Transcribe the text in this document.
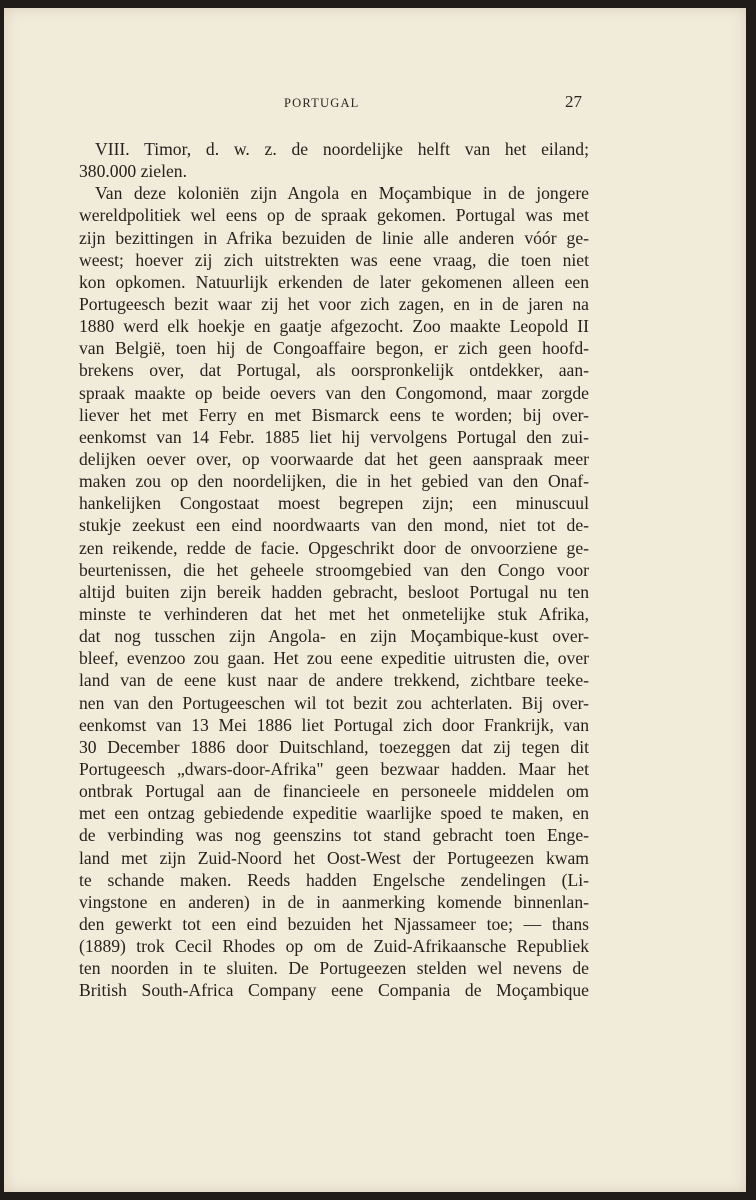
PORTUGAL	27
VIII. Timor, d. w. z. de noordelijke helft van het eiland;
380.000 zielen.
Van deze koloniën zijn Angola en Moçambique in de jongere
wereldpolitiek wel eens op de spraak gekomen. Portugal was met
zijn bezittingen in Afrika bezuiden de linie alle anderen vóór ge-
weest; hoever zij zich uitstrekten was eene vraag, die toen niet
kon opkomen. Natuurlijk erkenden de later gekomenen alleen een
Portugeesch bezit waar zij het voor zich zagen, en in de jaren na
1880 werd elk hoekje en gaatje afgezocht. Zoo maakte Leopold II
van België, toen hij de Congoaffaire begon, er zich geen hoofd-
brekens over, dat Portugal, als oorspronkelijk ontdekker, aan-
spraak maakte op beide oevers van den Congomond, maar zorgde
liever het met Ferry en met Bismarck eens te worden; bij over-
eenkomst van 14 Febr. 1885 liet hij vervolgens Portugal den zui-
delijken oever over, op voorwaarde dat het geen aanspraak meer
maken zou op den noordelijken, die in het gebied van den Onaf-
hankelijken Congostaat moest begrepen zijn; een minuscuul
stukje zeekust een eind noordwaarts van den mond, niet tot de-
zen reikende, redde de facie. Opgeschrikt door de onvoorziene ge-
beurtenissen, die het geheele stroomgebied van den Congo voor
altijd buiten zijn bereik hadden gebracht, besloot Portugal nu ten
minste te verhinderen dat het met het onmetelijke stuk Afrika,
dat nog tusschen zijn Angola- en zijn Moçambique-kust over-
bleef, evenzoo zou gaan. Het zou eene expeditie uitrusten die, over
land van de eene kust naar de andere trekkend, zichtbare teeke-
nen van den Portugeeschen wil tot bezit zou achterlaten. Bij over-
eenkomst van 13 Mei 1886 liet Portugal zich door Frankrijk, van
30 December 1886 door Duitschland, toezeggen dat zij tegen dit
Portugeesch „dwars-door-Afrika" geen bezwaar hadden. Maar het
ontbrak Portugal aan de financieele en personeele middelen om
met een ontzag gebiedende expeditie waarlijke spoed te maken, en
de verbinding was nog geenszins tot stand gebracht toen Enge-
land met zijn Zuid-Noord het Oost-West der Portugeezen kwam
te schande maken. Reeds hadden Engelsche zendelingen (Li-
vingstone en anderen) in de in aanmerking komende binnenlan-
den gewerkt tot een eind bezuiden het Njassameer toe; — thans
(1889) trok Cecil Rhodes op om de Zuid-Afrikaansche Republiek
ten noorden in te sluiten. De Portugeezen stelden wel nevens de
British South-Africa Company eene Compania de Moçambique
